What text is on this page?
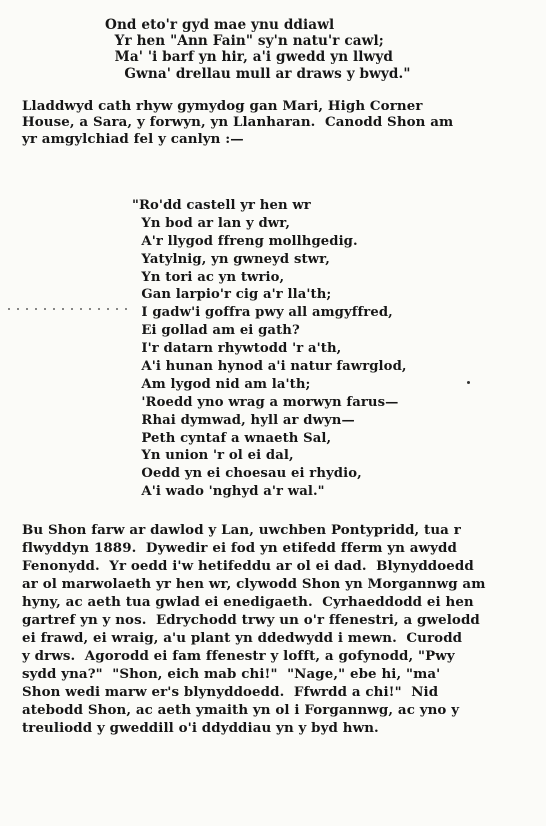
Ond eto'r gyd mae ynu ddiawl
Yr hen "Ann Fain" sy'n natu'r cawl;
Ma' 'i barf yn hir, a'i gwedd yn llwyd
Gwna' drellau mull ar draws y bwyd."
Lladdwyd cath rhyw gymydog gan Mari, High Corner
House, a Sara, y forwyn, yn Llanharan.  Canodd Shon am
yr amgylchiad fel y canlyn :—
"Ro'dd castell yr hen wr
Yn bod ar lan y dwr,
A'r llygod ffreng mollhgedig.
Yatylnig, yn gwneyd stwr,
Yn tori ac yn twrio,
Gan larpio'r cig a'r lla'th;
I gadw'i goffra pwy all amgyffred,
Ei gollad am ei gath?
I'r datarn rhywtodd 'r a'th,
A'i hunan hynod a'i natur fawrglod,
Am lygod nid am la'th;
'Roedd yno wrag a morwyn farus—
Rhai dymwad, hyll ar dwyn—
Peth cyntaf a wnaeth Sal,
Yn union 'r ol ei dal,
Oedd yn ei choesau ei rhydio,
A'i wado 'nghyd a'r wal."
Bu Shon farw ar dawlod y Lan, uwchben Pontypridd, tua r
flwyddyn 1889.  Dywedir ei fod yn etifedd fferm yn awydd
Fenonydd.  Yr oedd i'w hetifeddu ar ol ei dad.  Blynyddoedd
ar ol marwolaeth yr hen wr, clywodd Shon yn Morgannwg am
hyny, ac aeth tua gwlad ei enedigaeth.  Cyrhaeddodd ei hen
gartref yn y nos.  Edrychodd trwy un o'r ffenestri, a gwelodd
ei frawd, ei wraig, a'u plant yn ddedwydd i mewn.  Curodd
y drws.  Agorodd ei fam ffenestr y lofft, a gofynodd, "Pwy
sydd yna?"  "Shon, eich mab chi!"  "Nage," ebe hi, "ma'
Shon wedi marw er's blynyddoedd.  Ffwrdd a chi!"  Nid
atebodd Shon, ac aeth ymaith yn ol i Forgannwg, ac yno y
treuliodd y gweddill o'i ddyddiau yn y byd hwn.
